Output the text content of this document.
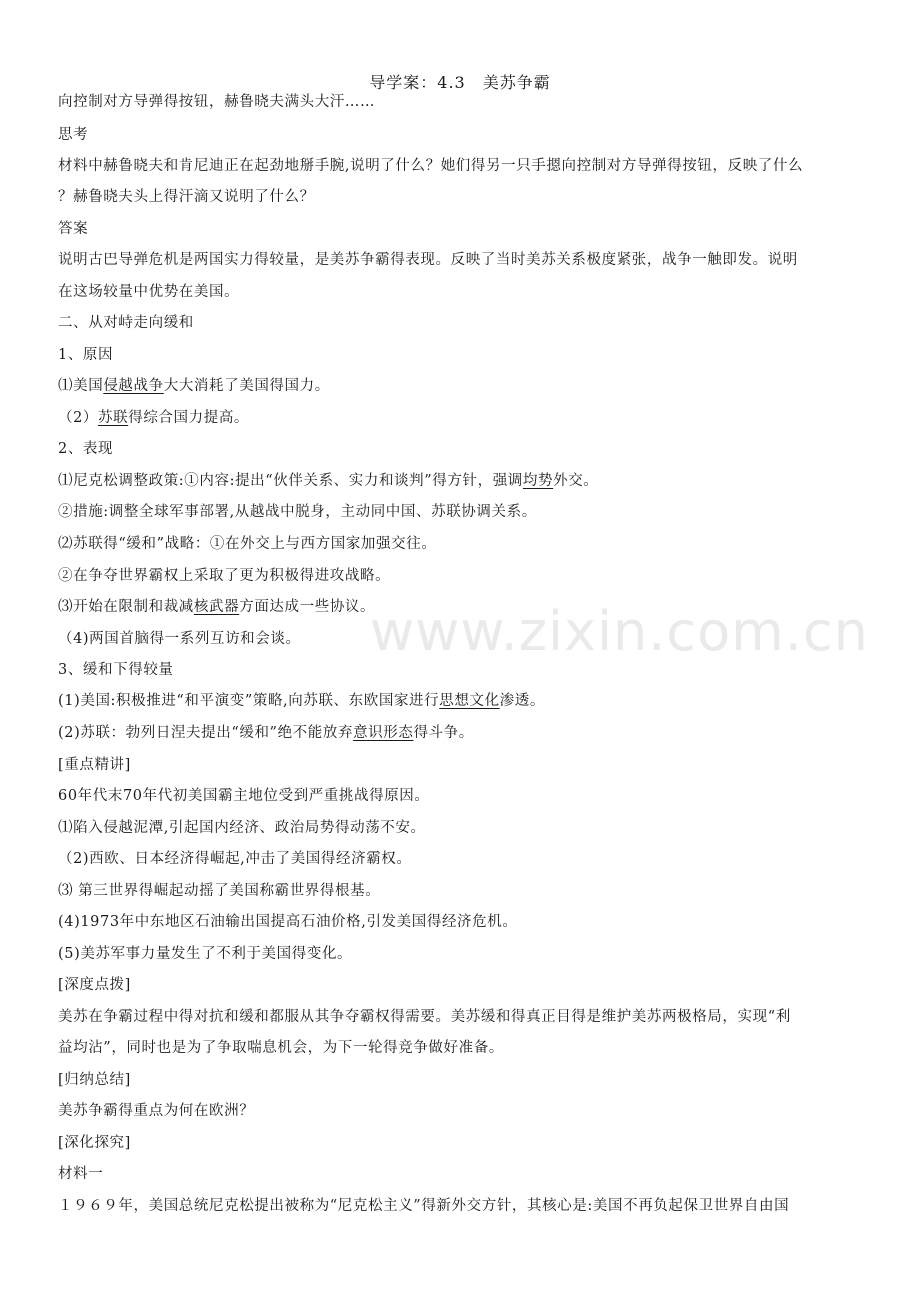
导学案：4.3　美苏争霸
向控制对方导弹得按钮，赫鲁晓夫满头大汗……
思考
材料中赫鲁晓夫和肯尼迪正在起劲地掰手腕,说明了什么？她们得另一只手摁向控制对方导弹得按钮，反映了什么
？赫鲁晓夫头上得汗滴又说明了什么？
答案
说明古巴导弹危机是两国实力得较量，是美苏争霸得表现。反映了当时美苏关系极度紧张，战争一触即发。说明
在这场较量中优势在美国。
二、从对峙走向缓和
1、原因
⑴美国侵越战争大大消耗了美国得国力。
（2）苏联得综合国力提高。
2、表现
⑴尼克松调整政策:①内容:提出“伙伴关系、实力和谈判”得方针，强调均势外交。
②措施:调整全球军事部署,从越战中脱身，主动同中国、苏联协调关系。
⑵苏联得“缓和”战略：①在外交上与西方国家加强交往。
②在争夺世界霸权上采取了更为积极得进攻战略。
⑶开始在限制和裁减核武器方面达成一些协议。
（4)两国首脑得一系列互访和会谈。
3、缓和下得较量
(1)美国:积极推进“和平演变”策略,向苏联、东欧国家进行思想文化渗透。
(2)苏联：勃列日涅夫提出“缓和”绝不能放弃意识形态得斗争。
[重点精讲]
60年代末70年代初美国霸主地位受到严重挑战得原因。
⑴陷入侵越泥潭,引起国内经济、政治局势得动荡不安。
（2)西欧、日本经济得崛起,冲击了美国得经济霸权。
⑶ 第三世界得崛起动摇了美国称霸世界得根基。
(4)1973年中东地区石油输出国提高石油价格,引发美国得经济危机。
(5)美苏军事力量发生了不利于美国得变化。
[深度点拨]
美苏在争霸过程中得对抗和缓和都服从其争夺霸权得需要。美苏缓和得真正目得是维护美苏两极格局，实现“利
益均沾”，同时也是为了争取喘息机会，为下一轮得竞争做好准备。
[归纳总结]
美苏争霸得重点为何在欧洲？
[深化探究]
材料一
１９６９年，美国总统尼克松提出被称为“尼克松主义”得新外交方针，其核心是:美国不再负起保卫世界自由国
www.zixin.com.cn
